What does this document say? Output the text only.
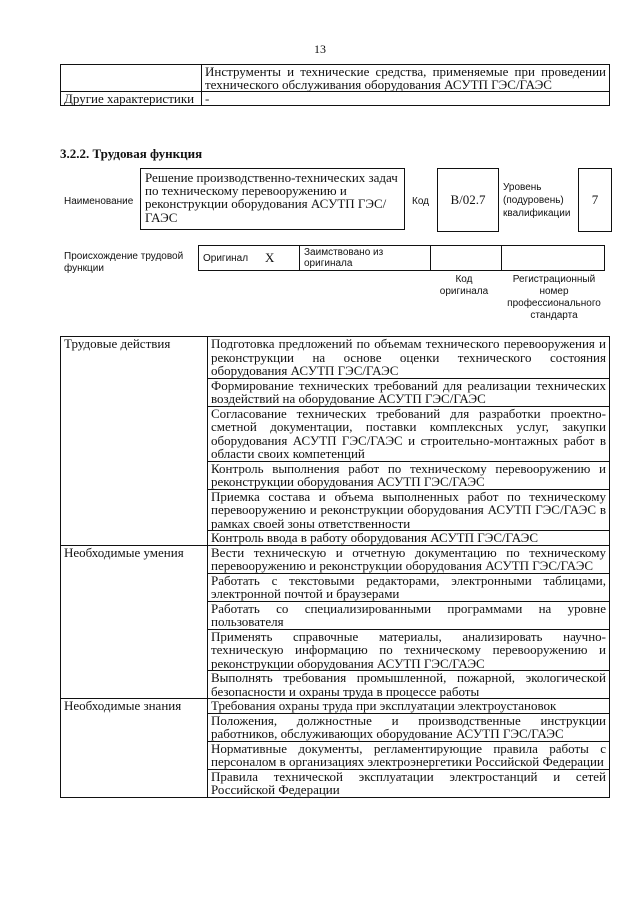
13
	Инструменты и технические средства, применяемые при проведении технического обслуживания оборудования АСУТП ГЭС/ГАЭС
Другие характеристики	-
3.2.2. Трудовая функция
Наименование
Решение производственно-технических задач по техническому перевооружению и реконструкции оборудования АСУТП ГЭС/ГАЭС
Код B/02.7
Уровень
(подуровень)
квалификации
7
Происхождение трудовой функции
Оригинал	X	Заимствовано из оригинала		
Код оригинала
Регистрационный номер профессионального стандарта
Трудовые действия	Подготовка предложений по объемам технического перевооружения и реконструкции на основе оценки технического состояния оборудования АСУТП ГЭС/ГАЭС
	Формирование технических требований для реализации технических воздействий на оборудование АСУТП ГЭС/ГАЭС
	Согласование технических требований для разработки проектно-сметной документации, поставки комплексных услуг, закупки оборудования АСУТП ГЭС/ГАЭС и строительно-монтажных работ в области своих компетенций
	Контроль выполнения работ по техническому перевооружению и реконструкции оборудования АСУТП ГЭС/ГАЭС
	Приемка состава и объема выполненных работ по техническому перевооружению и реконструкции оборудования АСУТП ГЭС/ГАЭС в рамках своей зоны ответственности
	Контроль ввода в работу оборудования АСУТП ГЭС/ГАЭС
Необходимые умения	Вести техническую и отчетную документацию по техническому перевооружению и реконструкции оборудования АСУТП ГЭС/ГАЭС
	Работать с текстовыми редакторами, электронными таблицами, электронной почтой и браузерами
	Работать со специализированными программами на уровне пользователя
	Применять справочные материалы, анализировать научно-техническую информацию по техническому перевооружению и реконструкции оборудования АСУТП ГЭС/ГАЭС
	Выполнять требования промышленной, пожарной, экологической безопасности и охраны труда в процессе работы
Необходимые знания	Требования охраны труда при эксплуатации электроустановок
	Положения, должностные и производственные инструкции работников, обслуживающих оборудование АСУТП ГЭС/ГАЭС
	Нормативные документы, регламентирующие правила работы с персоналом в организациях электроэнергетики Российской Федерации
	Правила технической эксплуатации электростанций и сетей Российской Федерации
